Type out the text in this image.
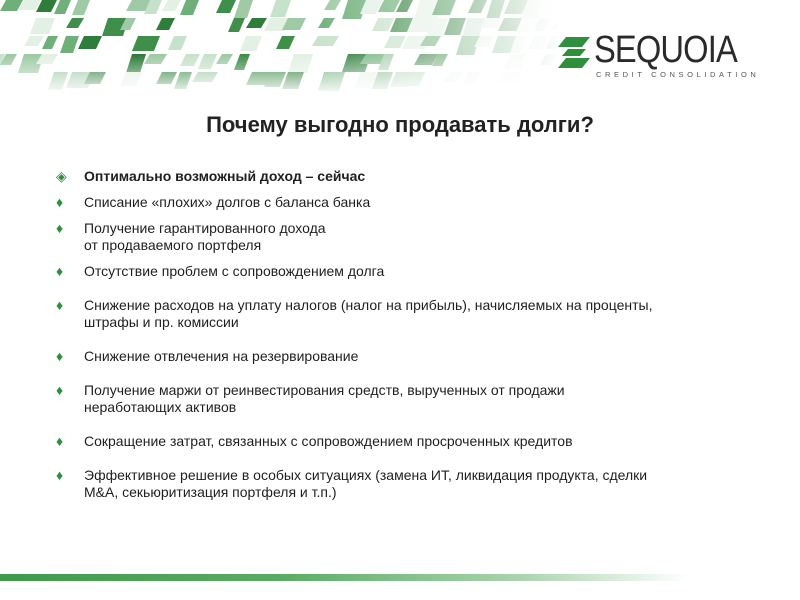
SEQUOIA
CREDIT CONSOLIDATION
Почему выгодно продавать долги?
◈ Оптимально возможный доход – сейчас
♦ Списание «плохих» долгов с баланса банка
♦ Получение гарантированного дохода
от продаваемого портфеля
♦ Отсутствие проблем с сопровождением долга
♦ Снижение расходов на уплату налогов (налог на прибыль), начисляемых на проценты,
штрафы и пр. комиссии
♦ Снижение отвлечения на резервирование
♦ Получение маржи от реинвестирования средств, вырученных от продажи
неработающих активов
♦ Сокращение затрат, связанных с сопровождением просроченных кредитов
♦ Эффективное решение в особых ситуациях (замена ИТ, ликвидация продукта, сделки
M&A, секьюритизация портфеля и т.п.)
